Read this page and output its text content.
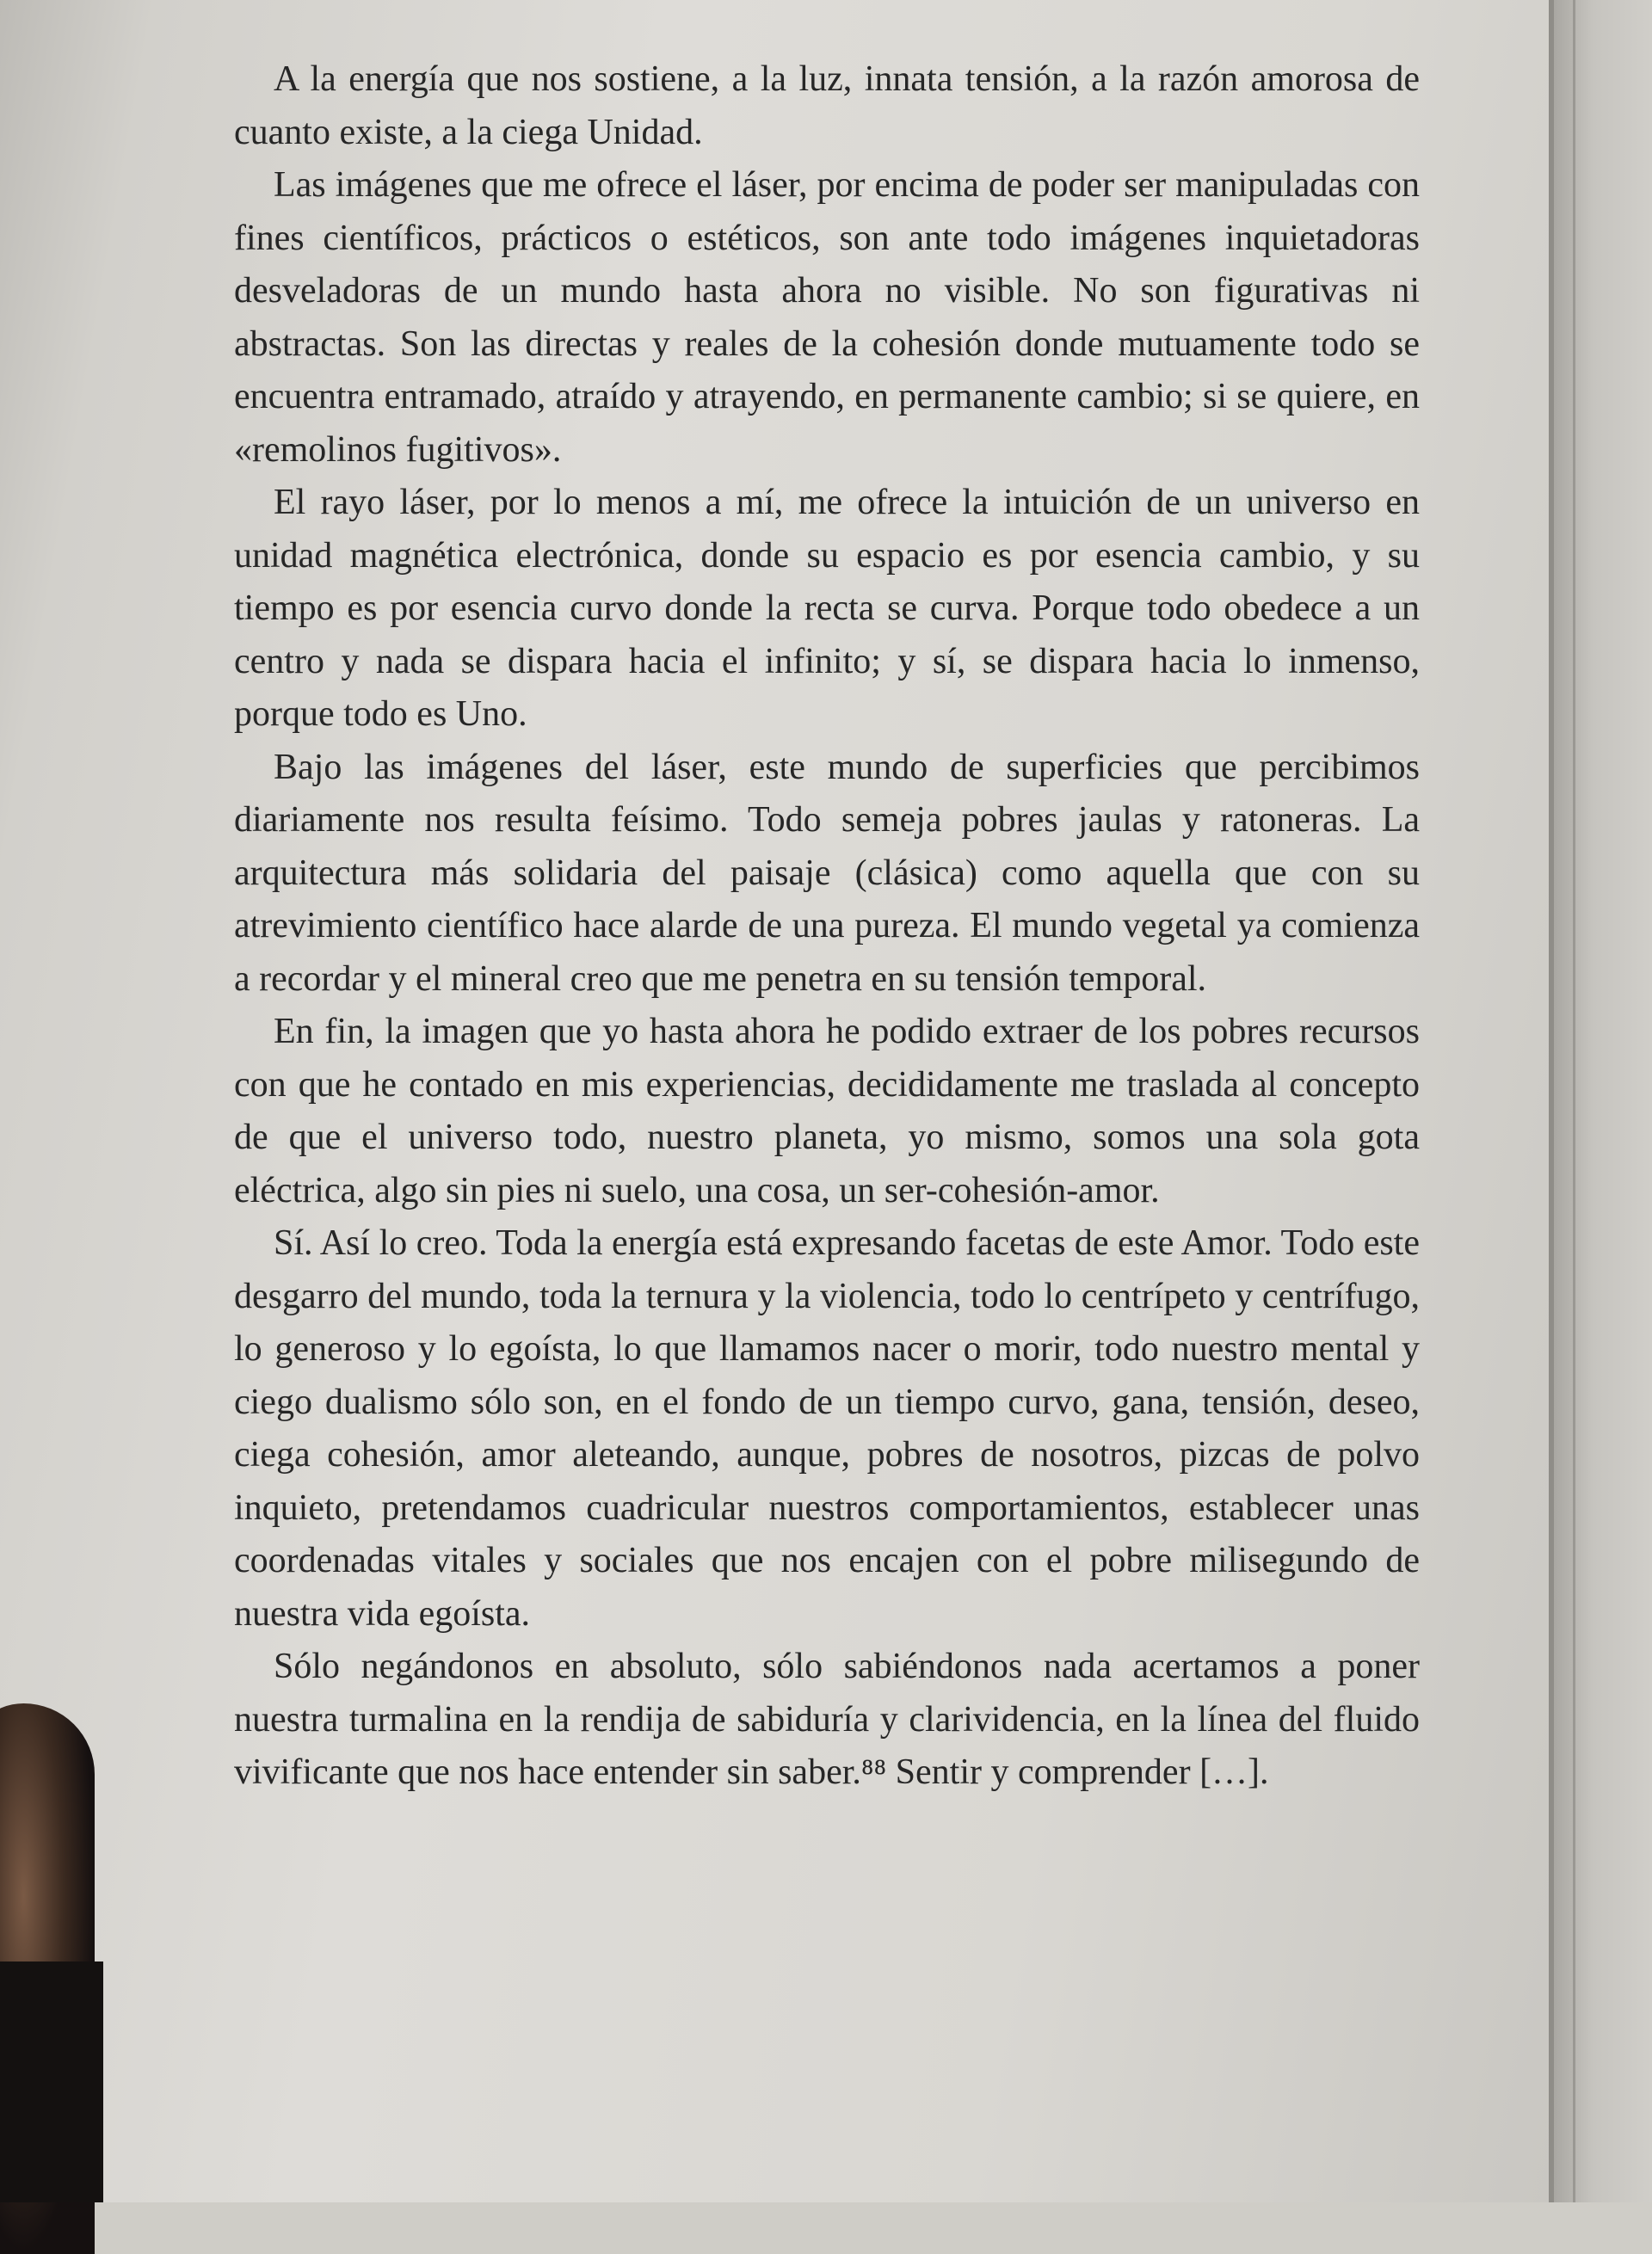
A la energía que nos sostiene, a la luz, innata tensión, a la razón amorosa de cuanto existe, a la ciega Unidad.

Las imágenes que me ofrece el láser, por encima de poder ser manipuladas con fines científicos, prácticos o estéticos, son ante todo imágenes inquietadoras desveladoras de un mundo hasta ahora no visible. No son figurativas ni abstractas. Son las directas y reales de la cohesión donde mutuamente todo se encuentra entramado, atraído y atrayendo, en permanente cambio; si se quiere, en «remolinos fugitivos».

El rayo láser, por lo menos a mí, me ofrece la intuición de un universo en unidad magnética electrónica, donde su espacio es por esencia cambio, y su tiempo es por esencia curvo donde la recta se curva. Porque todo obedece a un centro y nada se dispara hacia el infinito; y sí, se dispara hacia lo inmenso, porque todo es Uno.

Bajo las imágenes del láser, este mundo de superficies que percibimos diariamente nos resulta feísimo. Todo semeja pobres jaulas y ratoneras. La arquitectura más solidaria del paisaje (clásica) como aquella que con su atrevimiento científico hace alarde de una pureza. El mundo vegetal ya comienza a recordar y el mineral creo que me penetra en su tensión temporal.

En fin, la imagen que yo hasta ahora he podido extraer de los pobres recursos con que he contado en mis experiencias, decididamente me traslada al concepto de que el universo todo, nuestro planeta, yo mismo, somos una sola gota eléctrica, algo sin pies ni suelo, una cosa, un ser-cohesión-amor.

Sí. Así lo creo. Toda la energía está expresando facetas de este Amor. Todo este desgarro del mundo, toda la ternura y la violencia, todo lo centrípeto y centrífugo, lo generoso y lo egoísta, lo que llamamos nacer o morir, todo nuestro mental y ciego dualismo sólo son, en el fondo de un tiempo curvo, gana, tensión, deseo, ciega cohesión, amor aleteando, aunque, pobres de nosotros, pizcas de polvo inquieto, pretendamos cuadricular nuestros comportamientos, establecer unas coordenadas vitales y sociales que nos encajen con el pobre milisegundo de nuestra vida egoísta.

Sólo negándonos en absoluto, sólo sabiéndonos nada acertamos a poner nuestra turmalina en la rendija de sabiduría y clarividencia, en la línea del fluido vivificante que nos hace entender sin saber.⁸⁸ Sentir y comprender […].
